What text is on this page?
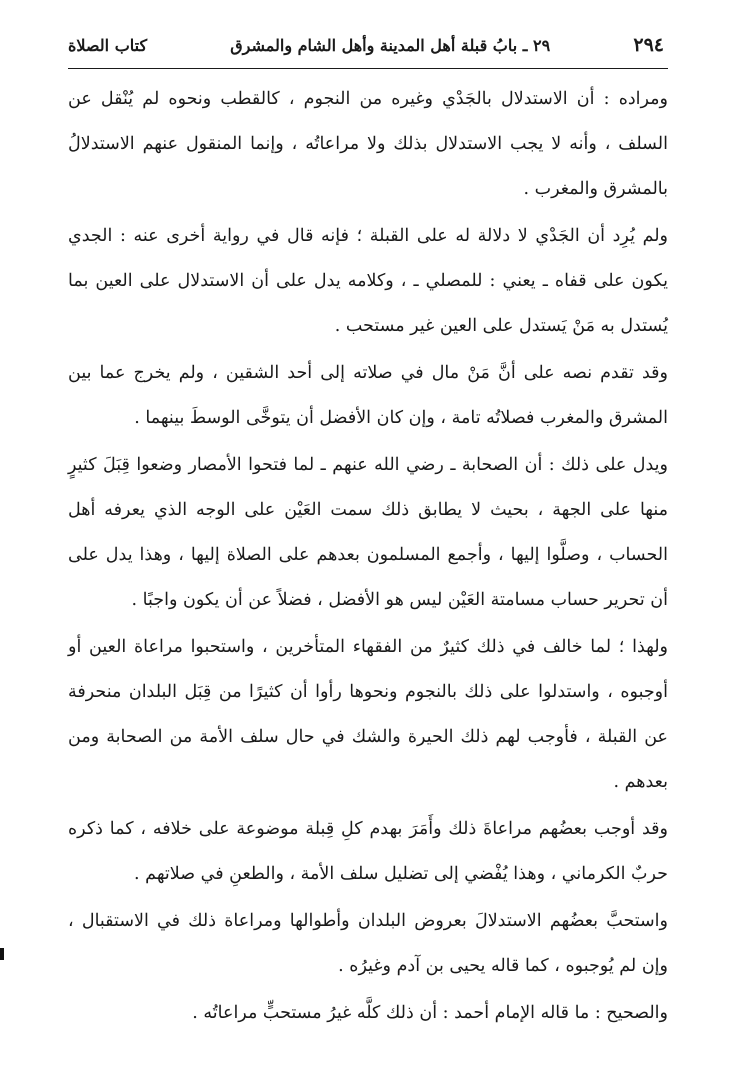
٢٩٤
٢٩ ـ بابُ قبلة أهل المدينة وأهل الشام والمشرق
كتاب الصلاة

ومراده : أن الاستدلال بالجَدْي وغيره من النجوم ، كالقطب ونحوه لم يُنْقل عن السلف ، وأنه لا يجب الاستدلال بذلك ولا مراعاتُه ، وإنما المنقول عنهم الاستدلالُ بالمشرق والمغرب .

ولم يُرِد أن الجَدْي لا دلالة له على القبلة ؛ فإنه قال في رواية أخرى عنه : الجدي يكون على قفاه ـ يعني : للمصلي ـ ، وكلامه يدل على أن الاستدلال على العين بما يُستدل به مَنْ يَستدل على العين غير مستحب .

وقد تقدم نصه على أنَّ مَنْ مال في صلاته إلى أحد الشقين ، ولم يخرج عما بين المشرق والمغرب فصلاتُه تامة ، وإن كان الأفضل أن يتوخَّى الوسطَ بينهما .

ويدل على ذلك : أن الصحابة ـ رضي الله عنهم ـ لما فتحوا الأمصار وضعوا قِبَلَ كثيرٍ منها على الجهة ، بحيث لا يطابق ذلك سمت العَيْن على الوجه الذي يعرفه أهل الحساب ، وصلَّوا إليها ، وأجمع المسلمون بعدهم على الصلاة إليها ، وهذا يدل على أن تحرير حساب مسامتة العَيْن ليس هو الأفضل ، فضلاً عن أن يكون واجبًا .

ولهذا ؛ لما خالف في ذلك كثيرٌ من الفقهاء المتأخرين ، واستحبوا مراعاة العين أو أوجبوه ، واستدلوا على ذلك بالنجوم ونحوها رأوا أن كثيرًا من قِبَل البلدان منحرفة عن القبلة ، فأوجب لهم ذلك الحيرة والشك في حال سلف الأمة من الصحابة ومن بعدهم .

وقد أوجب بعضُهم مراعاةَ ذلك وأَمَرَ بهدم كلِ قِبلة موضوعة على خلافه ، كما ذكره حربٌ الكرماني ، وهذا يُفْضي إلى تضليل سلف الأمة ، والطعنِ في صلاتهم .

واستحبَّ بعضُهم الاستدلالَ بعروض البلدان وأطوالها ومراعاة ذلك في الاستقبال ، وإن لم يُوجبوه ، كما قاله يحيى بن آدم وغيرُه .

والصحيح : ما قاله الإمام أحمد : أن ذلك كلَّه غيرُ مستحبٍّ مراعاتُه .
